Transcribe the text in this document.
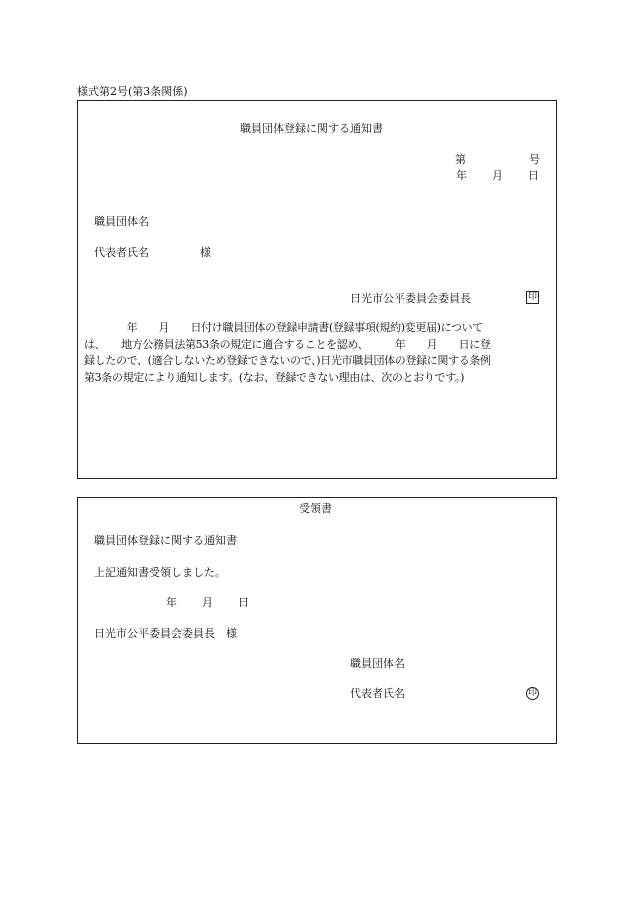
様式第2号(第3条関係)
職員団体登録に関する通知書
第	号
年 月 日
職員団体名
代表者氏名	様
日光市公平委員会委員長	印
　　　　年　　月　　日付け職員団体の登録申請書(登録事項(規約)変更届)について
は、　　地方公務員法第53条の規定に適合することを認め、　　　年　　月　　日に登
録したので、(適合しないため登録できないので、)日光市職員団体の登録に関する条例
第3条の規定により通知します。(なお、登録できない理由は、次のとおりです。)
受領書
職員団体登録に関する通知書
上記通知書受領しました。
年 月 日
日光市公平委員会委員長　様
職員団体名
代表者氏名	印
